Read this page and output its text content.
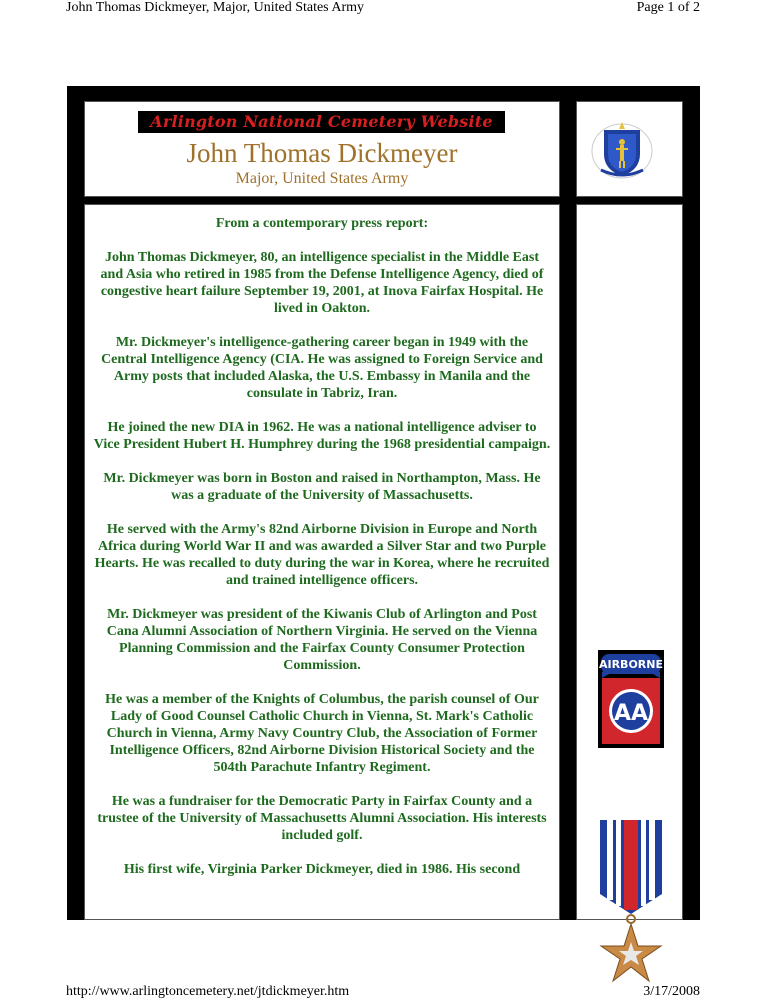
John Thomas Dickmeyer, Major, United States Army	Page 1 of 2
Arlington National Cemetery Website
John Thomas Dickmeyer
Major, United States Army

From a contemporary press report:

John Thomas Dickmeyer, 80, an intelligence specialist in the Middle East and Asia who retired in 1985 from the Defense Intelligence Agency, died of congestive heart failure September 19, 2001, at Inova Fairfax Hospital. He lived in Oakton.

Mr. Dickmeyer's intelligence-gathering career began in 1949 with the Central Intelligence Agency (CIA. He was assigned to Foreign Service and Army posts that included Alaska, the U.S. Embassy in Manila and the consulate in Tabriz, Iran.

He joined the new DIA in 1962. He was a national intelligence adviser to Vice President Hubert H. Humphrey during the 1968 presidential campaign.

Mr. Dickmeyer was born in Boston and raised in Northampton, Mass. He was a graduate of the University of Massachusetts.

He served with the Army's 82nd Airborne Division in Europe and North Africa during World War II and was awarded a Silver Star and two Purple Hearts. He was recalled to duty during the war in Korea, where he recruited and trained intelligence officers.

Mr. Dickmeyer was president of the Kiwanis Club of Arlington and Post Cana Alumni Association of Northern Virginia. He served on the Vienna Planning Commission and the Fairfax County Consumer Protection Commission.

He was a member of the Knights of Columbus, the parish counsel of Our Lady of Good Counsel Catholic Church in Vienna, St. Mark's Catholic Church in Vienna, Army Navy Country Club, the Association of Former Intelligence Officers, 82nd Airborne Division Historical Society and the 504th Parachute Infantry Regiment.

He was a fundraiser for the Democratic Party in Fairfax County and a trustee of the University of Massachusetts Alumni Association. His interests included golf.

His first wife, Virginia Parker Dickmeyer, died in 1986. His second

AIRBORNE
AA
http://www.arlingtoncemetery.net/jtdickmeyer.htm	3/17/2008
